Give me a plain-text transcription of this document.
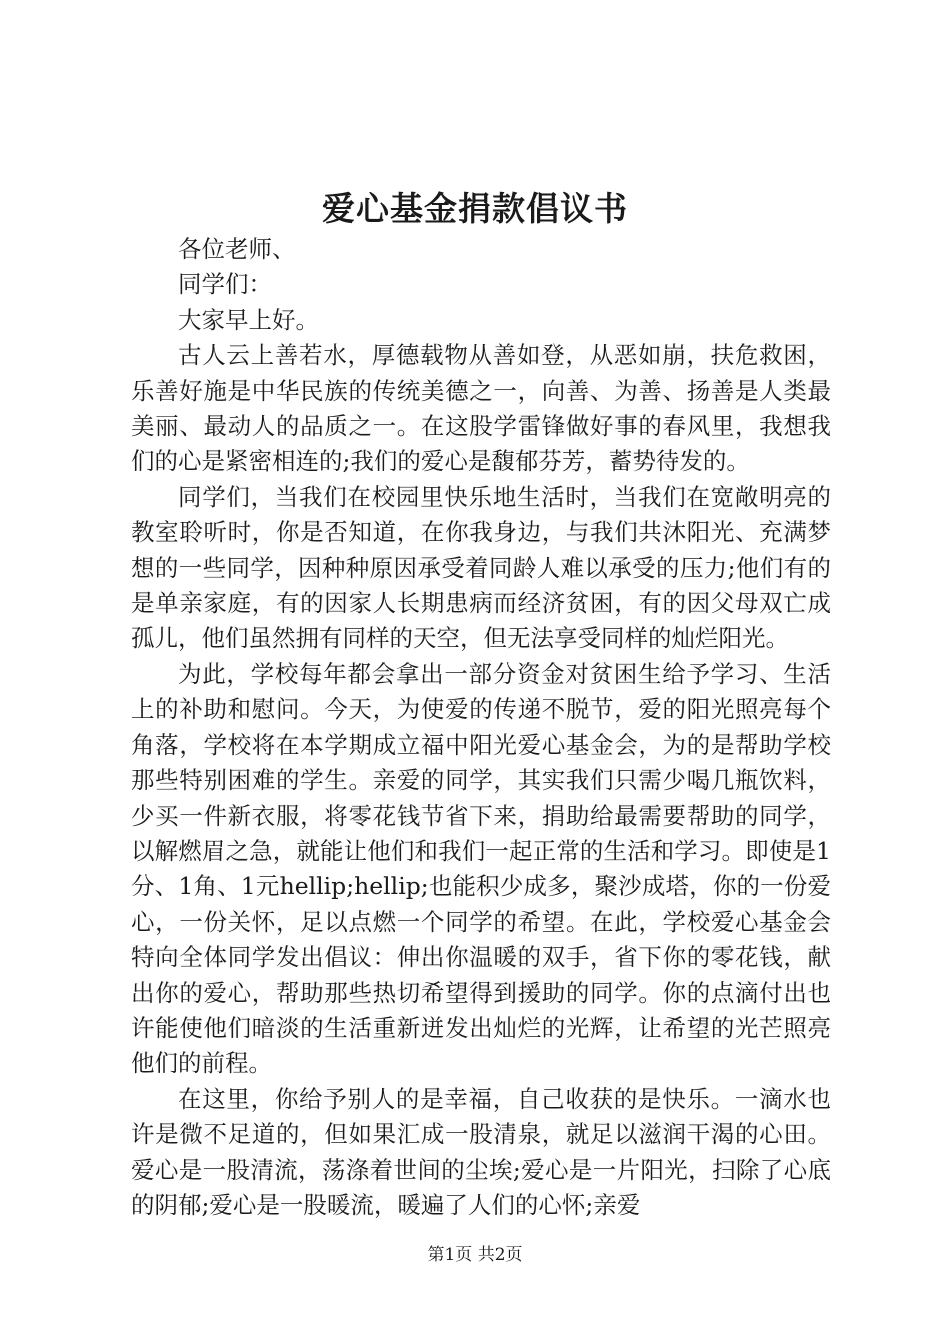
爱心基金捐款倡议书

各位老师、

同学们：

大家早上好。

古人云上善若水，厚德载物从善如登，从恶如崩，扶危救困，乐善好施是中华民族的传统美德之一，向善、为善、扬善是人类最美丽、最动人的品质之一。在这股学雷锋做好事的春风里，我想我们的心是紧密相连的;我们的爱心是馥郁芬芳，蓄势待发的。

同学们，当我们在校园里快乐地生活时，当我们在宽敞明亮的教室聆听时，你是否知道，在你我身边，与我们共沐阳光、充满梦想的一些同学，因种种原因承受着同龄人难以承受的压力;他们有的是单亲家庭，有的因家人长期患病而经济贫困，有的因父母双亡成孤儿，他们虽然拥有同样的天空，但无法享受同样的灿烂阳光。

为此，学校每年都会拿出一部分资金对贫困生给予学习、生活上的补助和慰问。今天，为使爱的传递不脱节，爱的阳光照亮每个角落，学校将在本学期成立福中阳光爱心基金会，为的是帮助学校那些特别困难的学生。亲爱的同学，其实我们只需少喝几瓶饮料，少买一件新衣服，将零花钱节省下来，捐助给最需要帮助的同学，以解燃眉之急，就能让他们和我们一起正常的生活和学习。即使是1分、1角、1元hellip;hellip;也能积少成多，聚沙成塔，你的一份爱心，一份关怀，足以点燃一个同学的希望。在此，学校爱心基金会特向全体同学发出倡议：伸出你温暖的双手，省下你的零花钱，献出你的爱心，帮助那些热切希望得到援助的同学。你的点滴付出也许能使他们暗淡的生活重新迸发出灿烂的光辉，让希望的光芒照亮他们的前程。

在这里，你给予别人的是幸福，自己收获的是快乐。一滴水也许是微不足道的，但如果汇成一股清泉，就足以滋润干渴的心田。爱心是一股清流，荡涤着世间的尘埃;爱心是一片阳光，扫除了心底的阴郁;爱心是一股暖流，暖遍了人们的心怀;亲爱

第1页 共2页
